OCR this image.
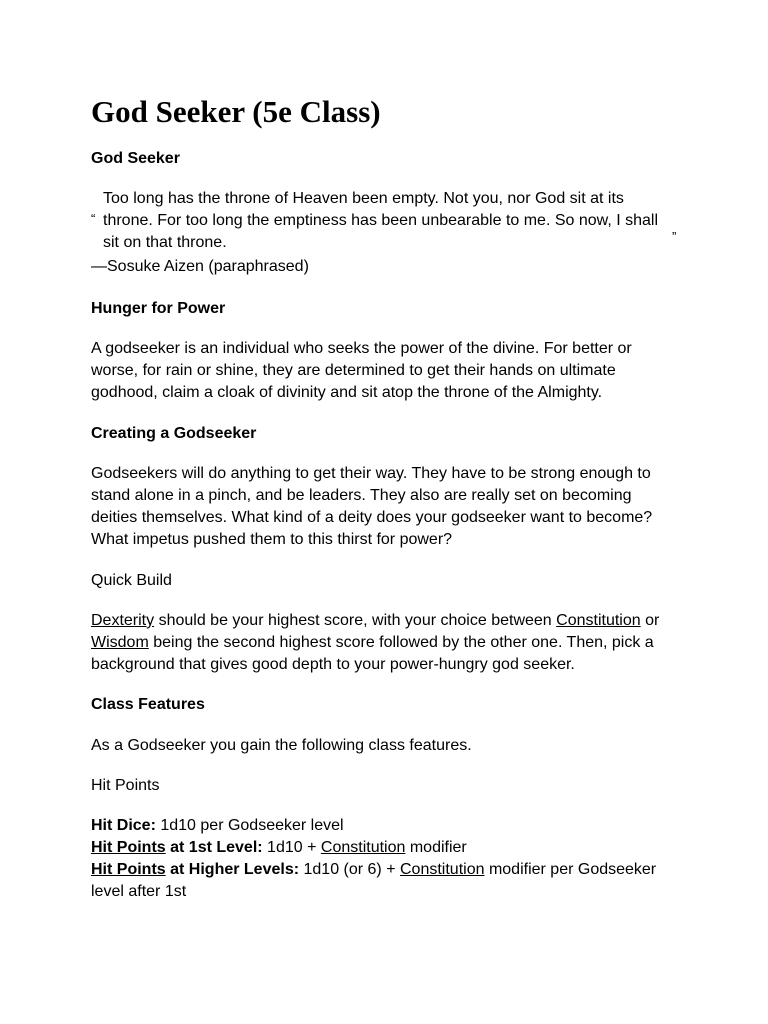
God Seeker (5e Class)
God Seeker
“
Too long has the throne of Heaven been empty. Not you, nor God sit at its
throne. For too long the emptiness has been unbearable to me. So now, I shall
sit on that throne.	”
—Sosuke Aizen (paraphrased)
Hunger for Power
A godseeker is an individual who seeks the power of the divine. For better or
worse, for rain or shine, they are determined to get their hands on ultimate
godhood, claim a cloak of divinity and sit atop the throne of the Almighty.
Creating a Godseeker
Godseekers will do anything to get their way. They have to be strong enough to
stand alone in a pinch, and be leaders. They also are really set on becoming
deities themselves. What kind of a deity does your godseeker want to become?
What impetus pushed them to this thirst for power?
Quick Build
Dexterity should be your highest score, with your choice between Constitution or
Wisdom being the second highest score followed by the other one. Then, pick a
background that gives good depth to your power-hungry god seeker.
Class Features
As a Godseeker you gain the following class features.
Hit Points
Hit Dice: 1d10 per Godseeker level
Hit Points at 1st Level: 1d10 + Constitution modifier
Hit Points at Higher Levels: 1d10 (or 6) + Constitution modifier per Godseeker
level after 1st
